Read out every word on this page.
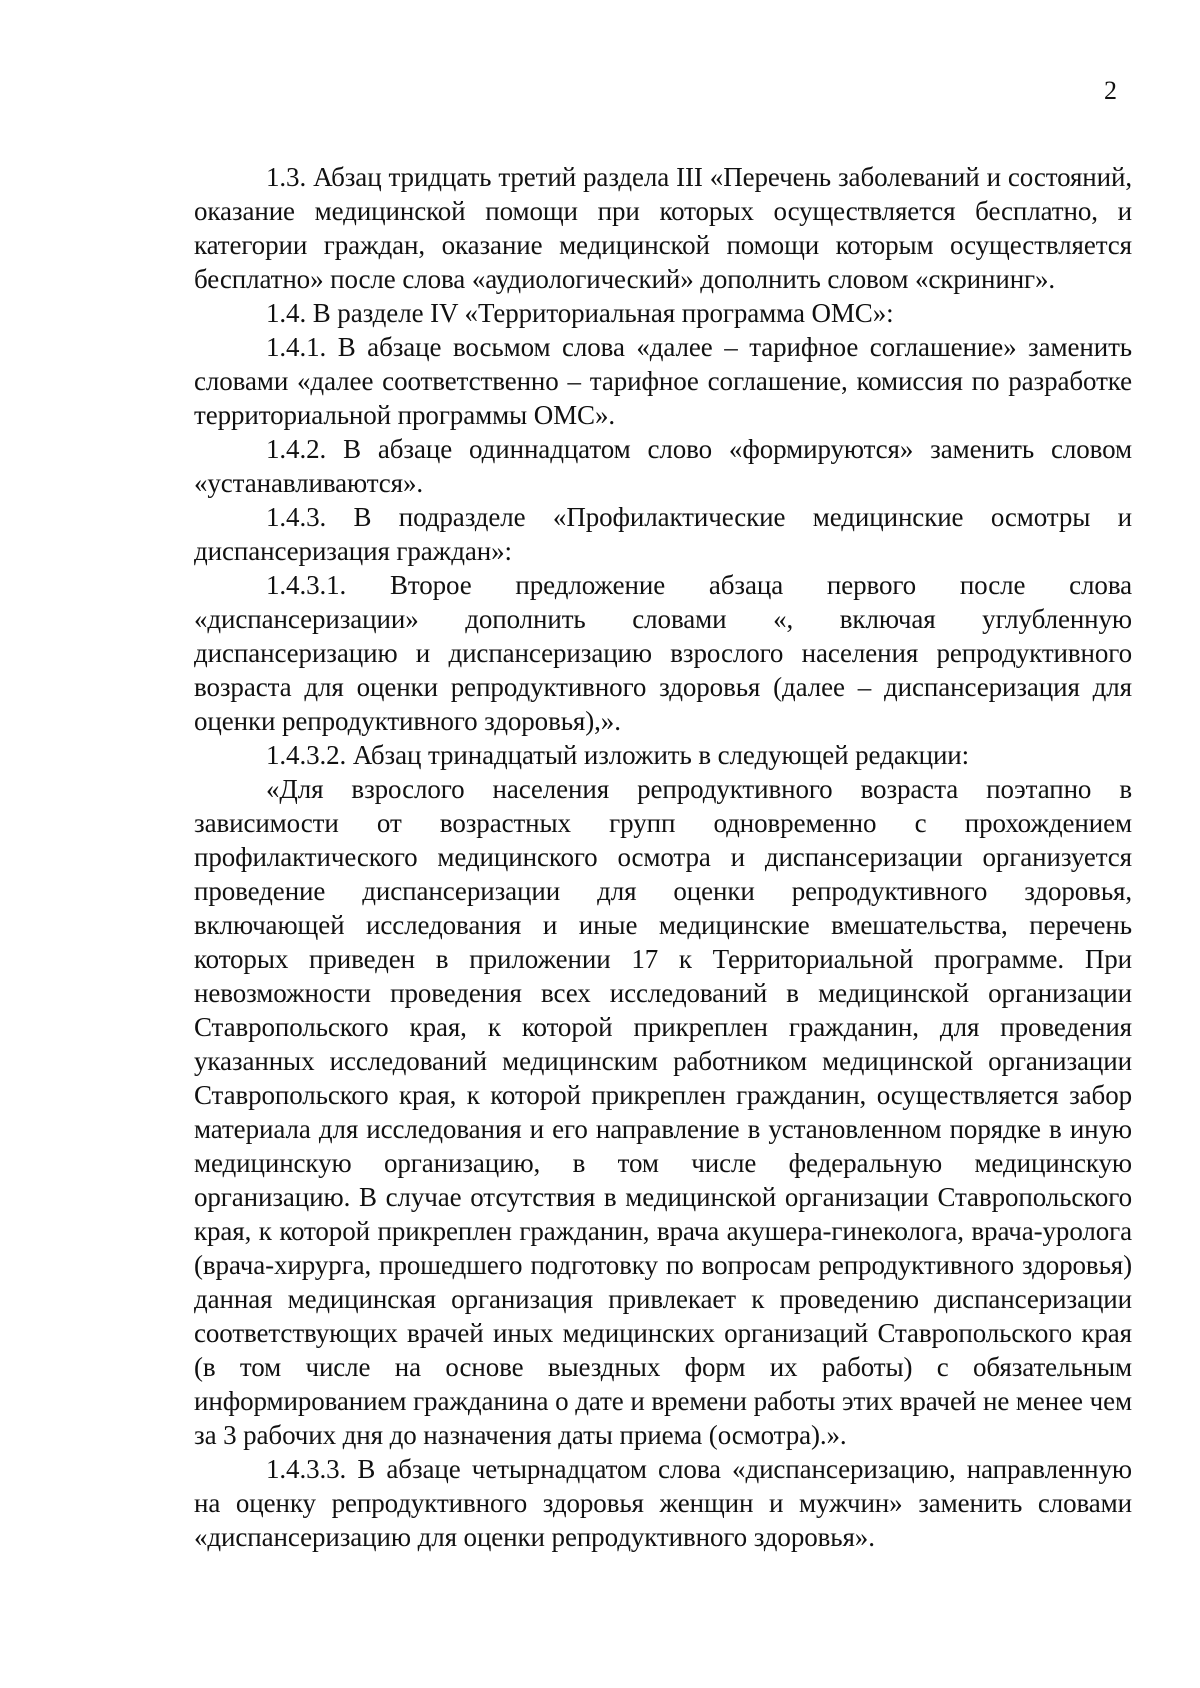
2

1.3. Абзац тридцать третий раздела III «Перечень заболеваний и состояний, оказание медицинской помощи при которых осуществляется бесплатно, и категории граждан, оказание медицинской помощи которым осуществляется бесплатно» после слова «аудиологический» дополнить словом «скрининг».

1.4. В разделе IV «Территориальная программа ОМС»:

1.4.1. В абзаце восьмом слова «далее – тарифное соглашение» заменить словами «далее соответственно – тарифное соглашение, комиссия по разработке территориальной программы ОМС».

1.4.2. В абзаце одиннадцатом слово «формируются» заменить словом «устанавливаются».

1.4.3. В подразделе «Профилактические медицинские осмотры и диспансеризация граждан»:

1.4.3.1. Второе предложение абзаца первого после слова «диспансеризации» дополнить словами «, включая углубленную диспансеризацию и диспансеризацию взрослого населения репродуктивного возраста для оценки репродуктивного здоровья (далее – диспансеризация для оценки репродуктивного здоровья),».

1.4.3.2. Абзац тринадцатый изложить в следующей редакции:

«Для взрослого населения репродуктивного возраста поэтапно в зависимости от возрастных групп одновременно с прохождением профилактического медицинского осмотра и диспансеризации организуется проведение диспансеризации для оценки репродуктивного здоровья, включающей исследования и иные медицинские вмешательства, перечень которых приведен в приложении 17 к Территориальной программе. При невозможности проведения всех исследований в медицинской организации Ставропольского края, к которой прикреплен гражданин, для проведения указанных исследований медицинским работником медицинской организации Ставропольского края, к которой прикреплен гражданин, осуществляется забор материала для исследования и его направление в установленном порядке в иную медицинскую организацию, в том числе федеральную медицинскую организацию. В случае отсутствия в медицинской организации Ставропольского края, к которой прикреплен гражданин, врача акушера-гинеколога, врача-уролога (врача-хирурга, прошедшего подготовку по вопросам репродуктивного здоровья) данная медицинская организация привлекает к проведению диспансеризации соответствующих врачей иных медицинских организаций Ставропольского края (в том числе на основе выездных форм их работы) с обязательным информированием гражданина о дате и времени работы этих врачей не менее чем за 3 рабочих дня до назначения даты приема (осмотра).».

1.4.3.3. В абзаце четырнадцатом слова «диспансеризацию, направленную на оценку репродуктивного здоровья женщин и мужчин» заменить словами «диспансеризацию для оценки репродуктивного здоровья».
